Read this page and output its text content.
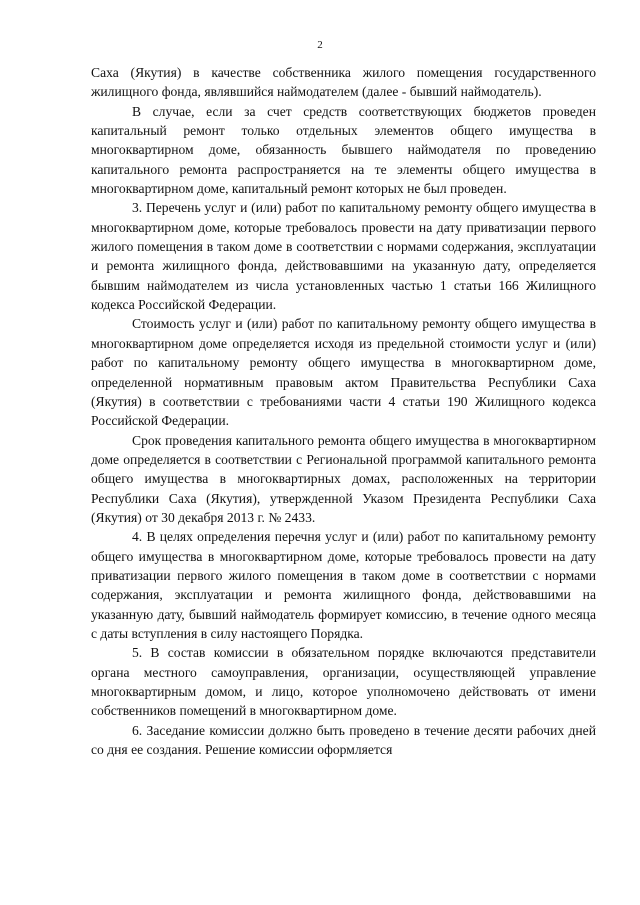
2

Саха (Якутия) в качестве собственника жилого помещения государственного жилищного фонда, являвшийся наймодателем (далее - бывший наймодатель).

В случае, если за счет средств соответствующих бюджетов проведен капитальный ремонт только отдельных элементов общего имущества в многоквартирном доме, обязанность бывшего наймодателя по проведению капитального ремонта распространяется на те элементы общего имущества в многоквартирном доме, капитальный ремонт которых не был проведен.

3. Перечень услуг и (или) работ по капитальному ремонту общего имущества в многоквартирном доме, которые требовалось провести на дату приватизации первого жилого помещения в таком доме в соответствии с нормами содержания, эксплуатации и ремонта жилищного фонда, действовавшими на указанную дату, определяется бывшим наймодателем из числа установленных частью 1 статьи 166 Жилищного кодекса Российской Федерации.

Стоимость услуг и (или) работ по капитальному ремонту общего имущества в многоквартирном доме определяется исходя из предельной стоимости услуг и (или) работ по капитальному ремонту общего имущества в многоквартирном доме, определенной нормативным правовым актом Правительства Республики Саха (Якутия) в соответствии с требованиями части 4 статьи 190 Жилищного кодекса Российской Федерации.

Срок проведения капитального ремонта общего имущества в многоквартирном доме определяется в соответствии с Региональной программой капитального ремонта общего имущества в многоквартирных домах, расположенных на территории Республики Саха (Якутия), утвержденной Указом Президента Республики Саха (Якутия) от 30 декабря 2013 г. № 2433.

4. В целях определения перечня услуг и (или) работ по капитальному ремонту общего имущества в многоквартирном доме, которые требовалось провести на дату приватизации первого жилого помещения в таком доме в соответствии с нормами содержания, эксплуатации и ремонта жилищного фонда, действовавшими на указанную дату, бывший наймодатель формирует комиссию, в течение одного месяца с даты вступления в силу настоящего Порядка.

5. В состав комиссии в обязательном порядке включаются представители органа местного самоуправления, организации, осуществляющей управление многоквартирным домом, и лицо, которое уполномочено действовать от имени собственников помещений в многоквартирном доме.

6. Заседание комиссии должно быть проведено в течение десяти рабочих дней со дня ее создания. Решение комиссии оформляется
